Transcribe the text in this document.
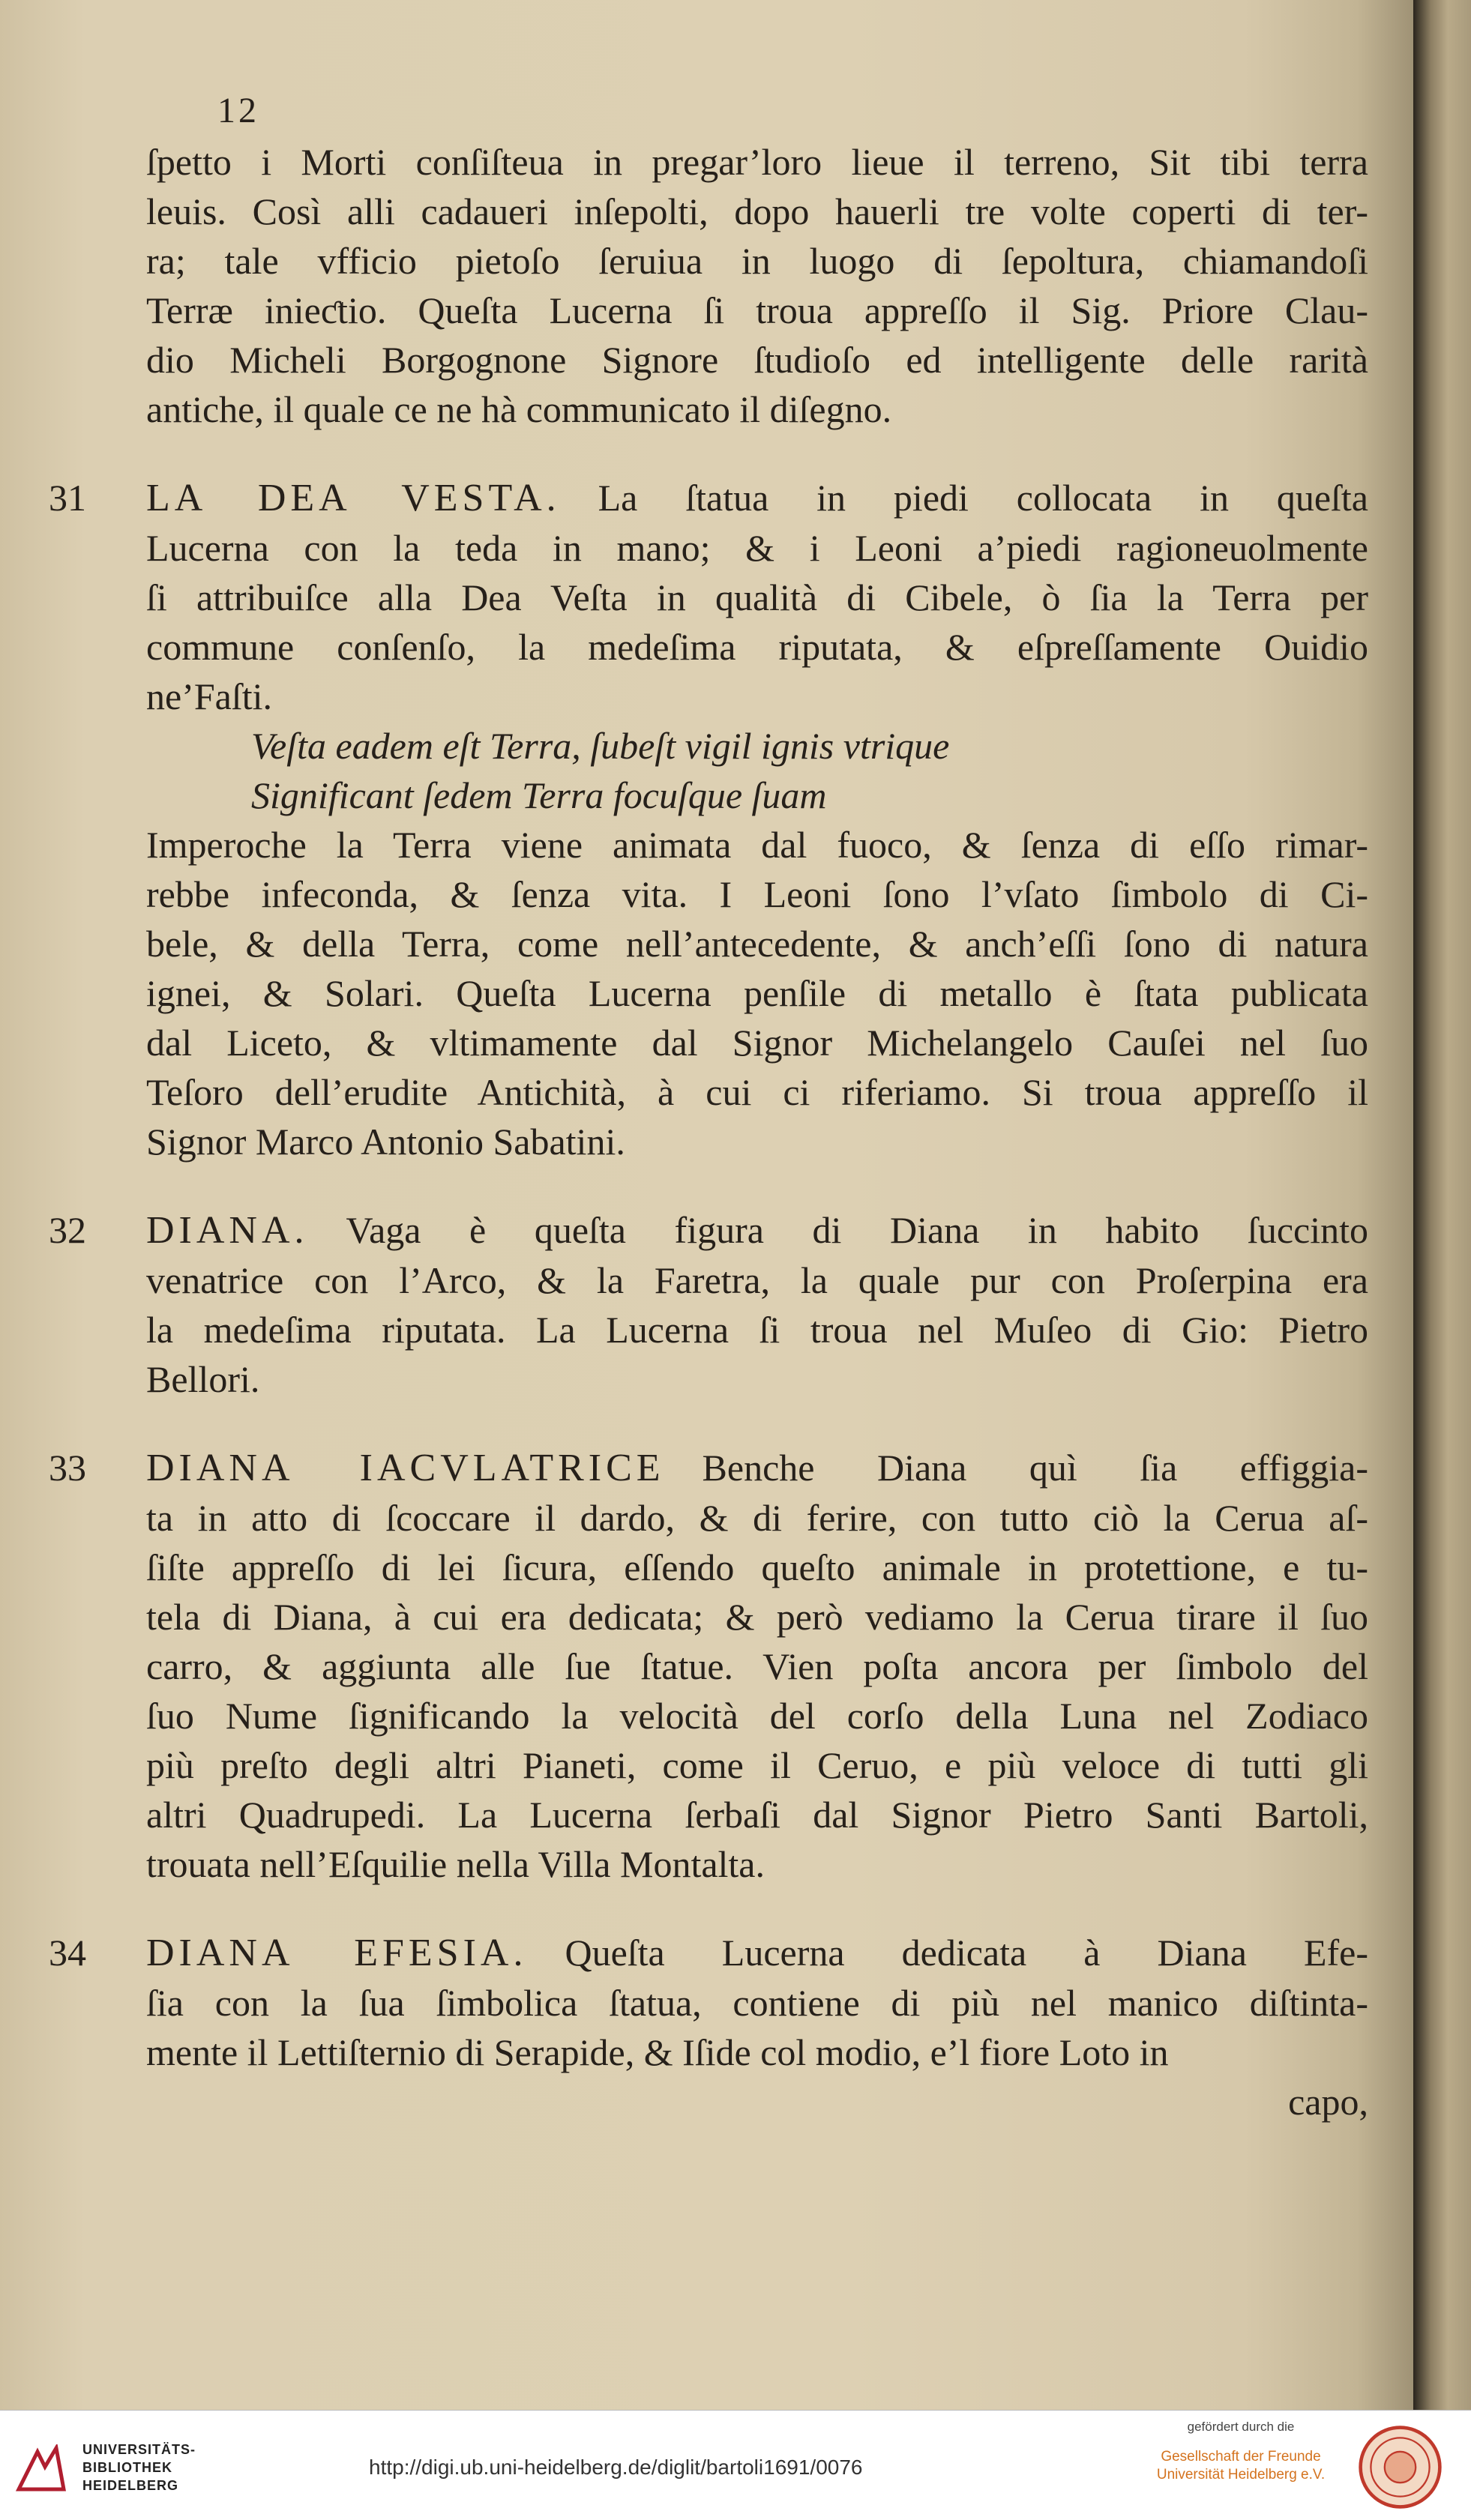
12
ſpetto i Morti conſiſteua in pregar’loro lieue il terreno, Sit tibi terra
leuis. Così alli cadaueri inſepolti, dopo hauerli tre volte coperti di ter-
ra; tale vfficio pietoſo ſeruiua in luogo di ſepoltura, chiamandoſi
Terræ inieƈtio. Queſta Lucerna ſi troua appreſſo il Sig. Priore Clau-
dio Micheli Borgognone Signore ſtudioſo ed intelligente delle rarità
antiche, il quale ce ne hà communicato il diſegno.
31 LA DEA VESTA. La ſtatua in piedi collocata in queſta
Lucerna con la teda in mano; & i Leoni a’piedi ragioneuolmente
ſi attribuiſce alla Dea Veſta in qualità di Cibele, ò ſia la Terra per
commune conſenſo, la medeſima riputata, & eſpreſſamente Ouidio
ne’Faſti.
Veſta eadem eſt Terra, ſubeſt vigil ignis vtrique
Significant ſedem Terra focuſque ſuam
Imperoche la Terra viene animata dal fuoco, & ſenza di eſſo rimar-
rebbe infeconda, & ſenza vita. I Leoni ſono l’vſato ſimbolo di Ci-
bele, & della Terra, come nell’antecedente, & anch’eſſi ſono di natura
ignei, & Solari. Queſta Lucerna penſile di metallo è ſtata publicata
dal Liceto, & vltimamente dal Signor Michelangelo Cauſei nel ſuo
Teſoro dell’erudite Antichità, à cui ci riferiamo. Si troua appreſſo il
Signor Marco Antonio Sabatini.
32 DIANA. Vaga è queſta figura di Diana in habito ſuccinto
venatrice con l’Arco, & la Faretra, la quale pur con Proſerpina era
la medeſima riputata. La Lucerna ſi troua nel Muſeo di Gio: Pietro
Bellori.
33 DIANA IACVLATRICE Benche Diana quì ſia effiggia-
ta in atto di ſcoccare il dardo, & di ferire, con tutto ciò la Cerua aſ-
ſiſte appreſſo di lei ſicura, eſſendo queſto animale in protettione, e tu-
tela di Diana, à cui era dedicata; & però vediamo la Cerua tirare il ſuo
carro, & aggiunta alle ſue ſtatue. Vien poſta ancora per ſimbolo del
ſuo Nume ſignificando la velocità del corſo della Luna nel Zodiaco
più preſto degli altri Pianeti, come il Ceruo, e più veloce di tutti gli
altri Quadrupedi. La Lucerna ſerbaſi dal Signor Pietro Santi Bartoli,
trouata nell’Eſquilie nella Villa Montalta.
34 DIANA EFESIA. Queſta Lucerna dedicata à Diana Efe-
ſia con la ſua ſimbolica ſtatua, contiene di più nel manico diſtinta-
mente il Lettiſternio di Serapide, & Iſide col modio, e’l fiore Loto in
capo,
UNIVERSITÄTS-
BIBLIOTHEK
HEIDELBERG
http://digi.ub.uni-heidelberg.de/diglit/bartoli1691/0076
gefördert durch die
Gesellschaft der Freunde
Universität Heidelberg e.V.
